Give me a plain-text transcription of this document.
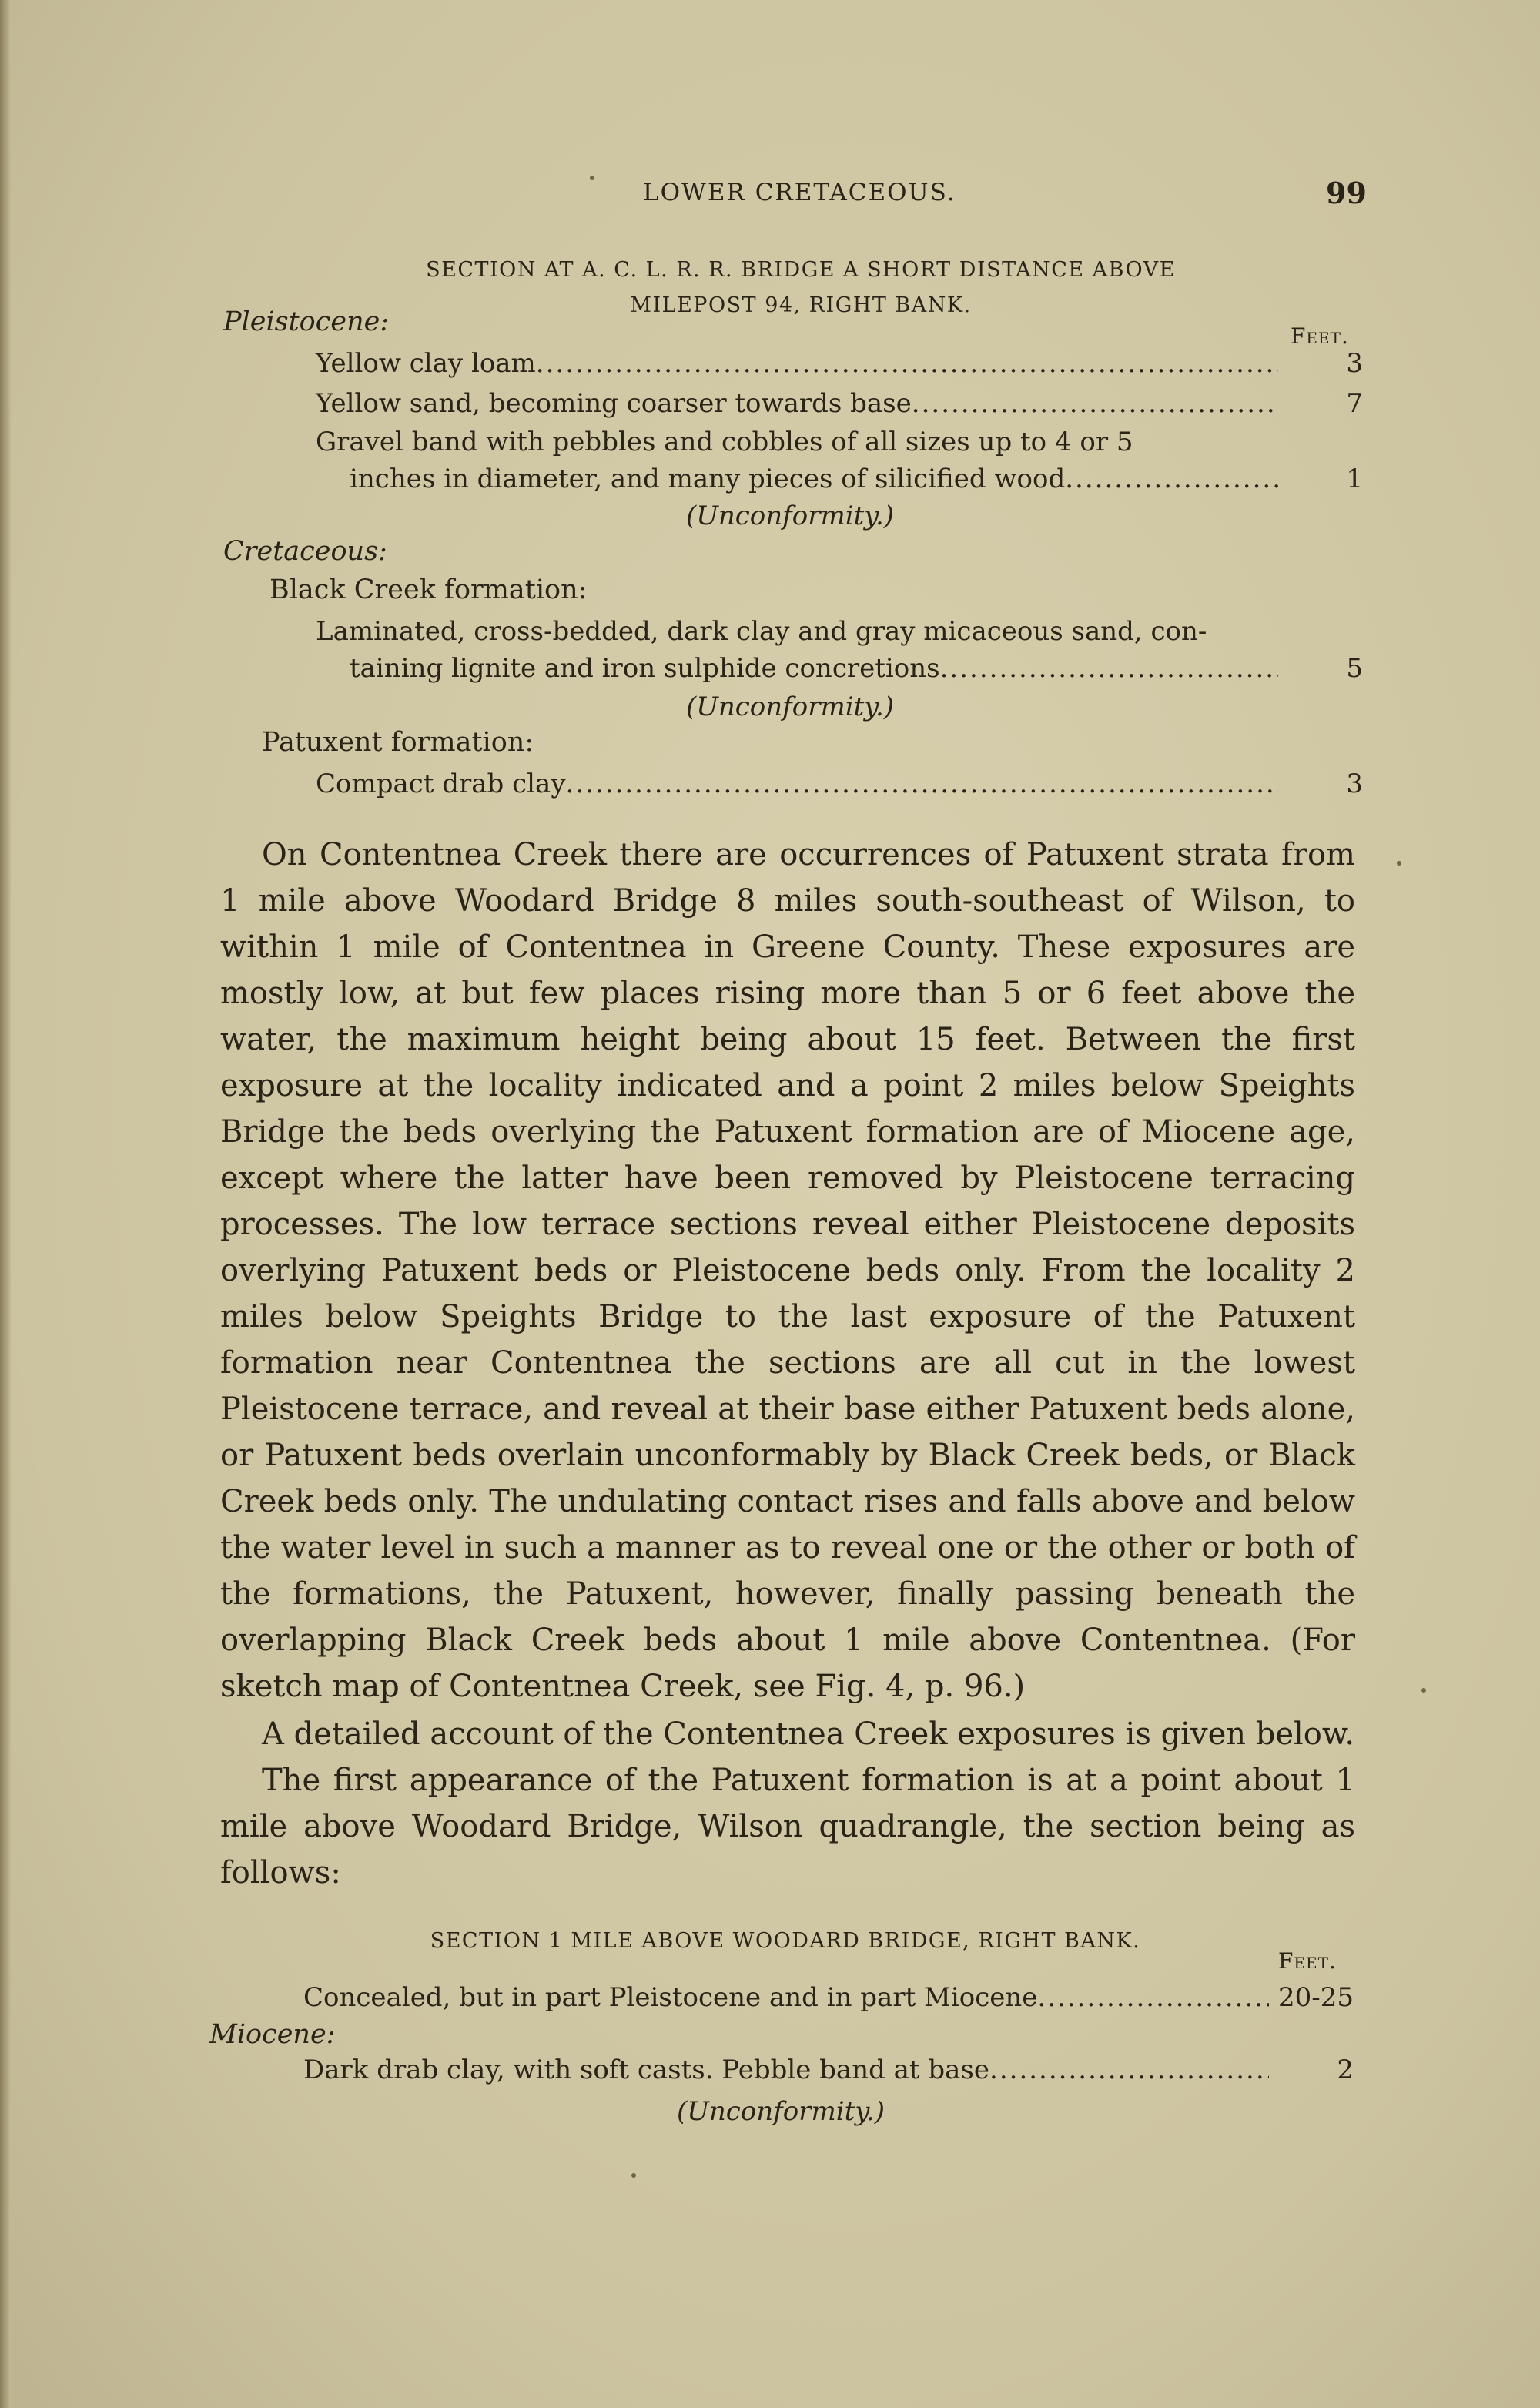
LOWER CRETACEOUS.	99
SECTION AT A. C. L. R. R. BRIDGE A SHORT DISTANCE ABOVE
MILEPOST 94, RIGHT BANK.
Pleistocene:	Feet.
Yellow clay loam .....	3
Yellow sand, becoming coarser towards base .....	7
Gravel band with pebbles and cobbles of all sizes up to 4 or 5
inches in diameter, and many pieces of silicified wood .....	1
(Unconformity.)
Cretaceous:
Black Creek formation:
Laminated, cross-bedded, dark clay and gray micaceous sand, con-
taining lignite and iron sulphide concretions .....	5
(Unconformity.)
Patuxent formation:
Compact drab clay .....	3

On Contentnea Creek there are occurrences of Patuxent strata from 1 mile above Woodard Bridge 8 miles south-southeast of Wilson, to within 1 mile of Contentnea in Greene County. These exposures are mostly low, at but few places rising more than 5 or 6 feet above the water, the maximum height being about 15 feet. Between the first exposure at the locality indicated and a point 2 miles below Speights Bridge the beds overlying the Patuxent formation are of Miocene age, except where the latter have been removed by Pleistocene terracing processes. The low terrace sections reveal either Pleistocene deposits overlying Patuxent beds or Pleistocene beds only. From the locality 2 miles below Speights Bridge to the last exposure of the Patuxent formation near Contentnea the sections are all cut in the lowest Pleistocene terrace, and reveal at their base either Patuxent beds alone, or Patuxent beds overlain unconformably by Black Creek beds, or Black Creek beds only. The undulating contact rises and falls above and below the water level in such a manner as to reveal one or the other or both of the formations, the Patuxent, however, finally passing beneath the overlapping Black Creek beds about 1 mile above Contentnea. (For sketch map of Contentnea Creek, see Fig. 4, p. 96.)

A detailed account of the Contentnea Creek exposures is given below.

The first appearance of the Patuxent formation is at a point about 1 mile above Woodard Bridge, Wilson quadrangle, the section being as follows:

SECTION 1 MILE ABOVE WOODARD BRIDGE, RIGHT BANK.
Feet.
Concealed, but in part Pleistocene and in part Miocene .....	20-25
Miocene:
Dark drab clay, with soft casts. Pebble band at base .....	2
(Unconformity.)
